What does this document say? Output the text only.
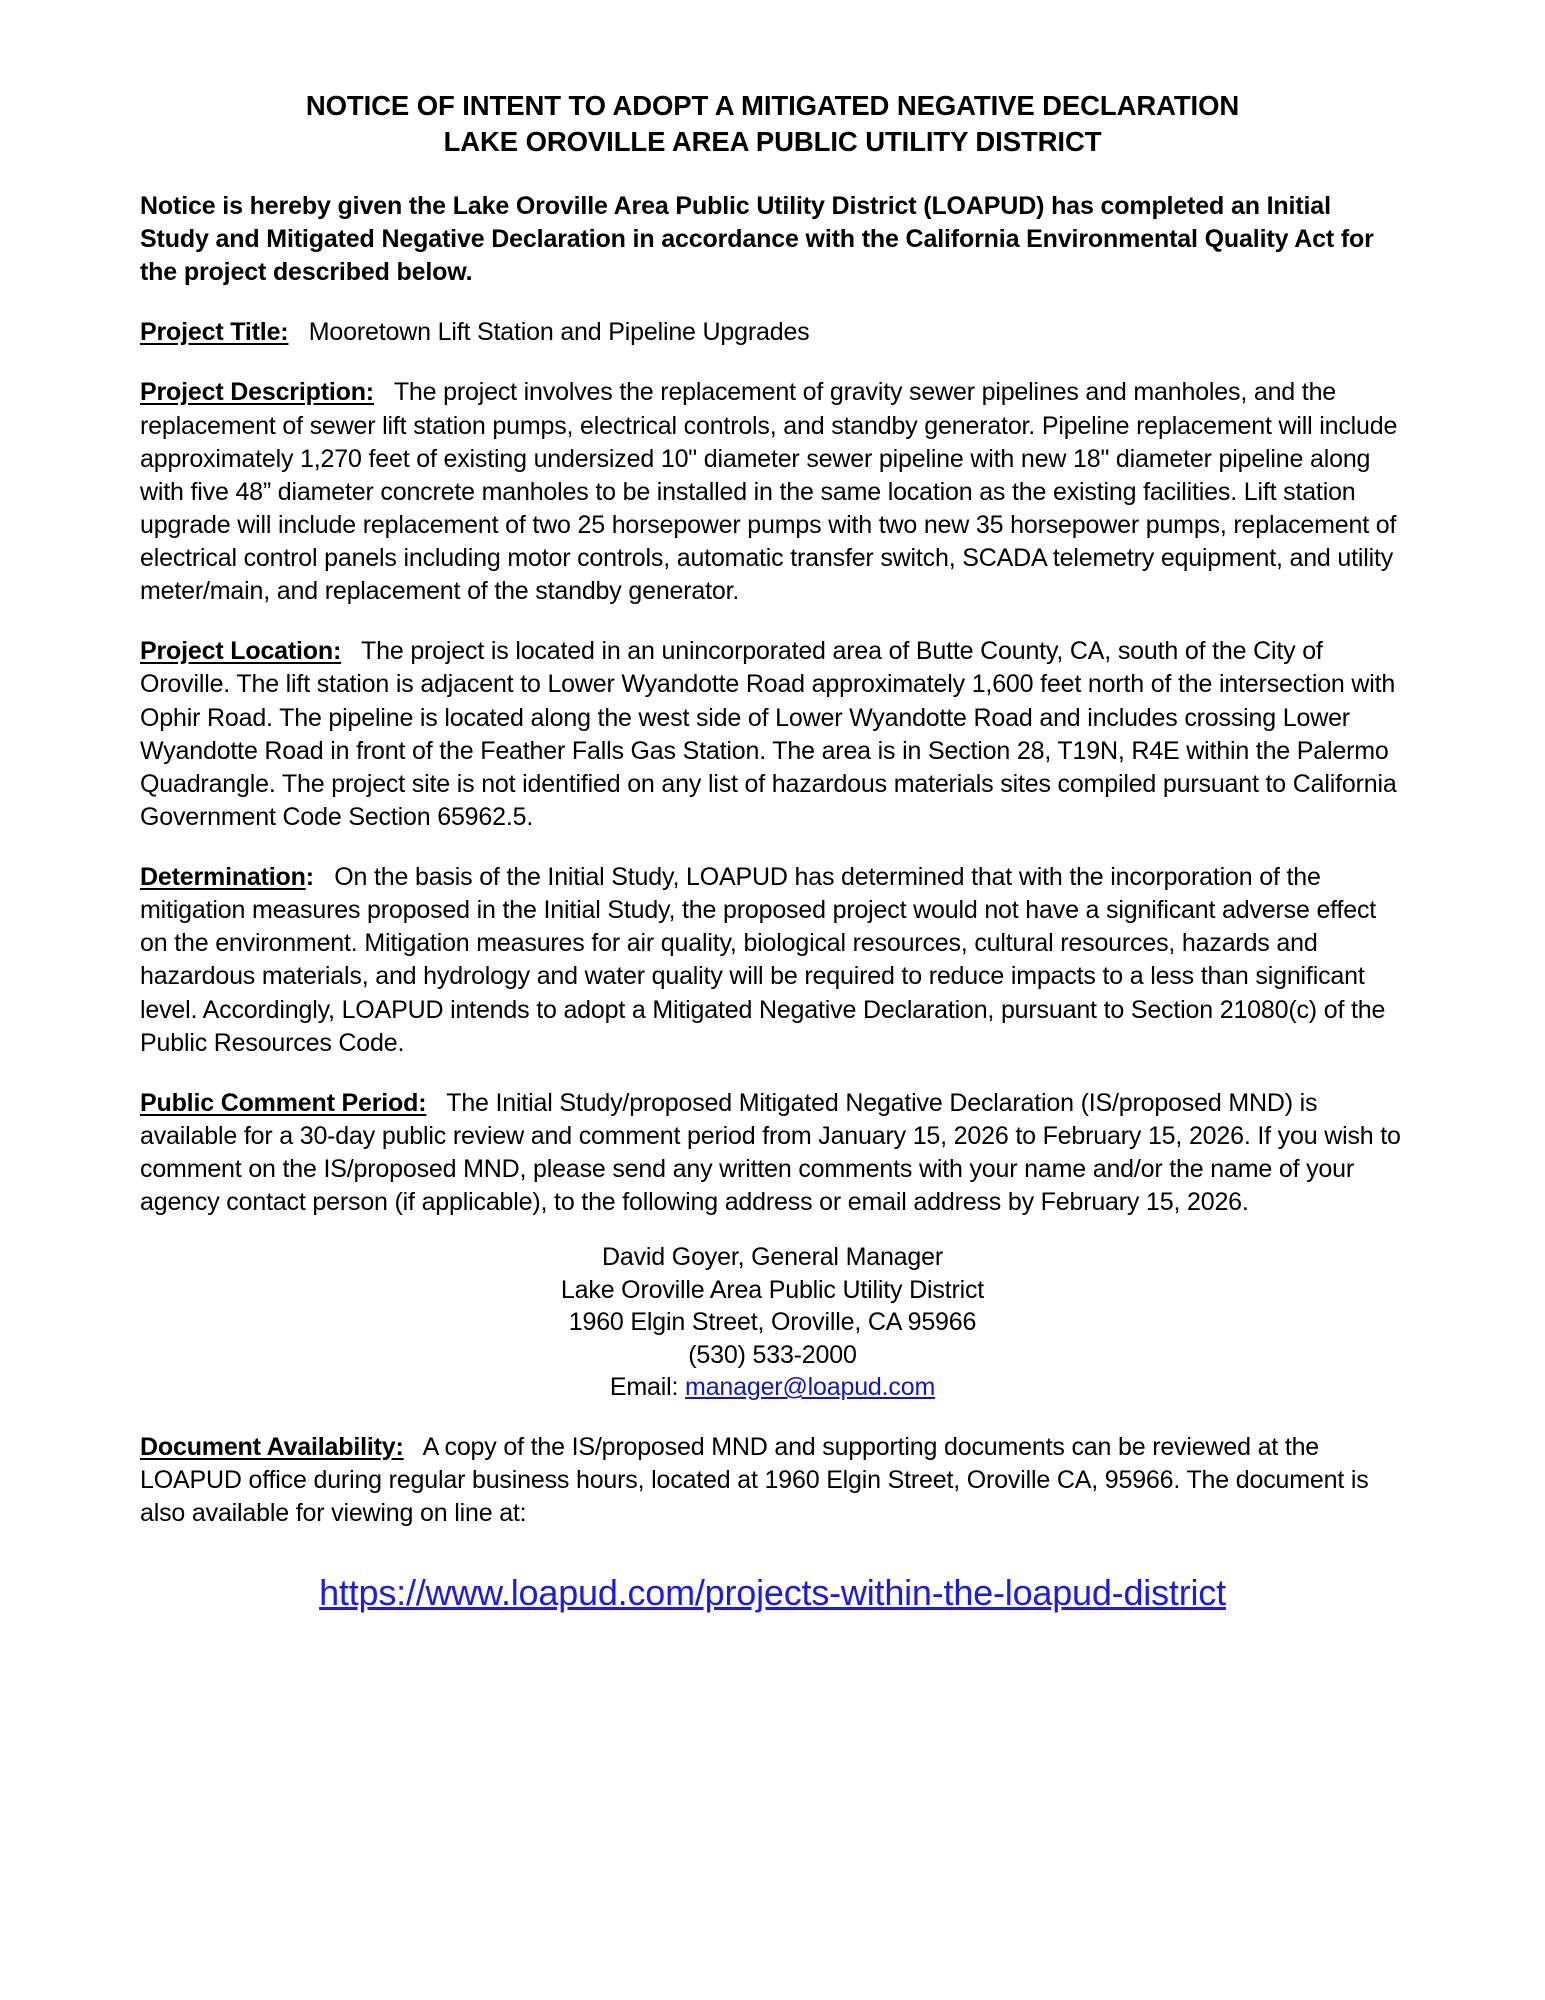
NOTICE OF INTENT TO ADOPT A MITIGATED NEGATIVE DECLARATION
LAKE OROVILLE AREA PUBLIC UTILITY DISTRICT

Notice is hereby given the Lake Oroville Area Public Utility District (LOAPUD) has completed an Initial Study and Mitigated Negative Declaration in accordance with the California Environmental Quality Act for the project described below.

Project Title: Mooretown Lift Station and Pipeline Upgrades

Project Description: The project involves the replacement of gravity sewer pipelines and manholes, and the replacement of sewer lift station pumps, electrical controls, and standby generator. Pipeline replacement will include approximately 1,270 feet of existing undersized 10" diameter sewer pipeline with new 18" diameter pipeline along with five 48” diameter concrete manholes to be installed in the same location as the existing facilities. Lift station upgrade will include replacement of two 25 horsepower pumps with two new 35 horsepower pumps, replacement of electrical control panels including motor controls, automatic transfer switch, SCADA telemetry equipment, and utility meter/main, and replacement of the standby generator.

Project Location: The project is located in an unincorporated area of Butte County, CA, south of the City of Oroville. The lift station is adjacent to Lower Wyandotte Road approximately 1,600 feet north of the intersection with Ophir Road. The pipeline is located along the west side of Lower Wyandotte Road and includes crossing Lower Wyandotte Road in front of the Feather Falls Gas Station. The area is in Section 28, T19N, R4E within the Palermo Quadrangle. The project site is not identified on any list of hazardous materials sites compiled pursuant to California Government Code Section 65962.5.

Determination: On the basis of the Initial Study, LOAPUD has determined that with the incorporation of the mitigation measures proposed in the Initial Study, the proposed project would not have a significant adverse effect on the environment. Mitigation measures for air quality, biological resources, cultural resources, hazards and hazardous materials, and hydrology and water quality will be required to reduce impacts to a less than significant level. Accordingly, LOAPUD intends to adopt a Mitigated Negative Declaration, pursuant to Section 21080(c) of the Public Resources Code.

Public Comment Period: The Initial Study/proposed Mitigated Negative Declaration (IS/proposed MND) is available for a 30-day public review and comment period from January 15, 2026 to February 15, 2026. If you wish to comment on the IS/proposed MND, please send any written comments with your name and/or the name of your agency contact person (if applicable), to the following address or email address by February 15, 2026.

David Goyer, General Manager
Lake Oroville Area Public Utility District
1960 Elgin Street, Oroville, CA 95966
(530) 533-2000
Email: manager@loapud.com

Document Availability: A copy of the IS/proposed MND and supporting documents can be reviewed at the LOAPUD office during regular business hours, located at 1960 Elgin Street, Oroville CA, 95966. The document is also available for viewing on line at:

https://www.loapud.com/projects-within-the-loapud-district
